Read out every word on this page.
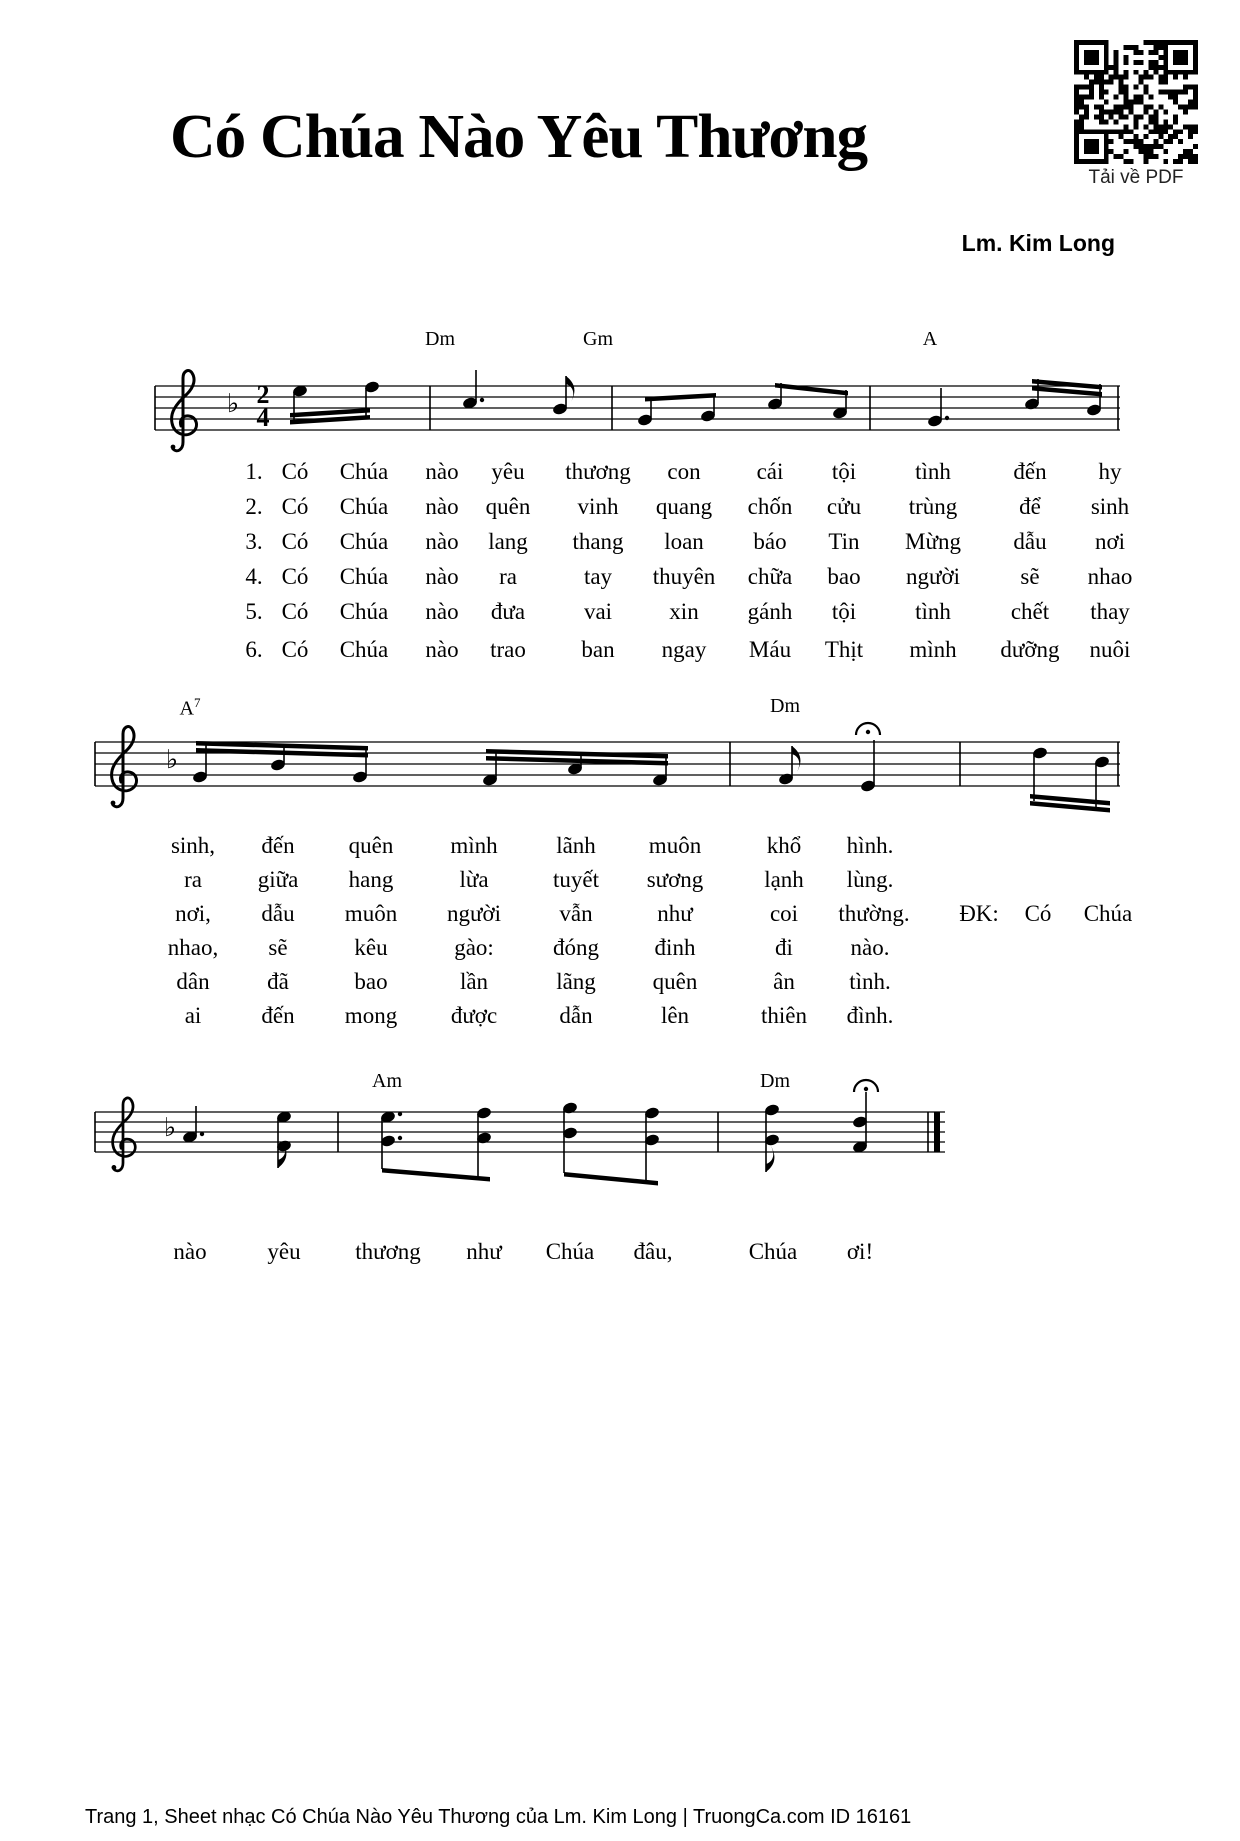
Có Chúa Nào Yêu Thương
Tải về PDF
Lm. Kim Long
♭ 2
4
♭
♭
Dm	Gm	A
$A^7$	Dm
Am	Dm
1. Có Chúa nào yêu thương con cái tội	tình	đến hy
2. Có Chúa nào quên vinh quang chốn cửu trùng	để sinh
3. Có Chúa nào lang thang loan báo Tin Mừng dẫu nơi
4. Có Chúa nào ra	tay thuyên chữa bao người	sẽ nhao
5. Có Chúa nào đưa	vai xin gánh tội	tình	chết thay
6. Có Chúa nào trao ban ngay Máu Thịt mình dưỡng nuôi
sinh, đến quên mình	lãnh muôn	khổ hình.
ra giữa hang	lừa	tuyết sương	lạnh lùng.
nơi, dẫu muôn người	vẫn	như	coi thường. ĐK: Có Chúa
nhao, sẽ	kêu	gào:	đóng đinh	đi	nào.
dân	đã	bao	lần	lãng quên	ân tình.
ai	đến mong được	dẫn	lên	thiên đình.
nào	yêu thương như Chúa đâu,	Chúa ơi!
Trang 1, Sheet nhạc Có Chúa Nào Yêu Thương của Lm. Kim Long | TruongCa.com ID 16161
